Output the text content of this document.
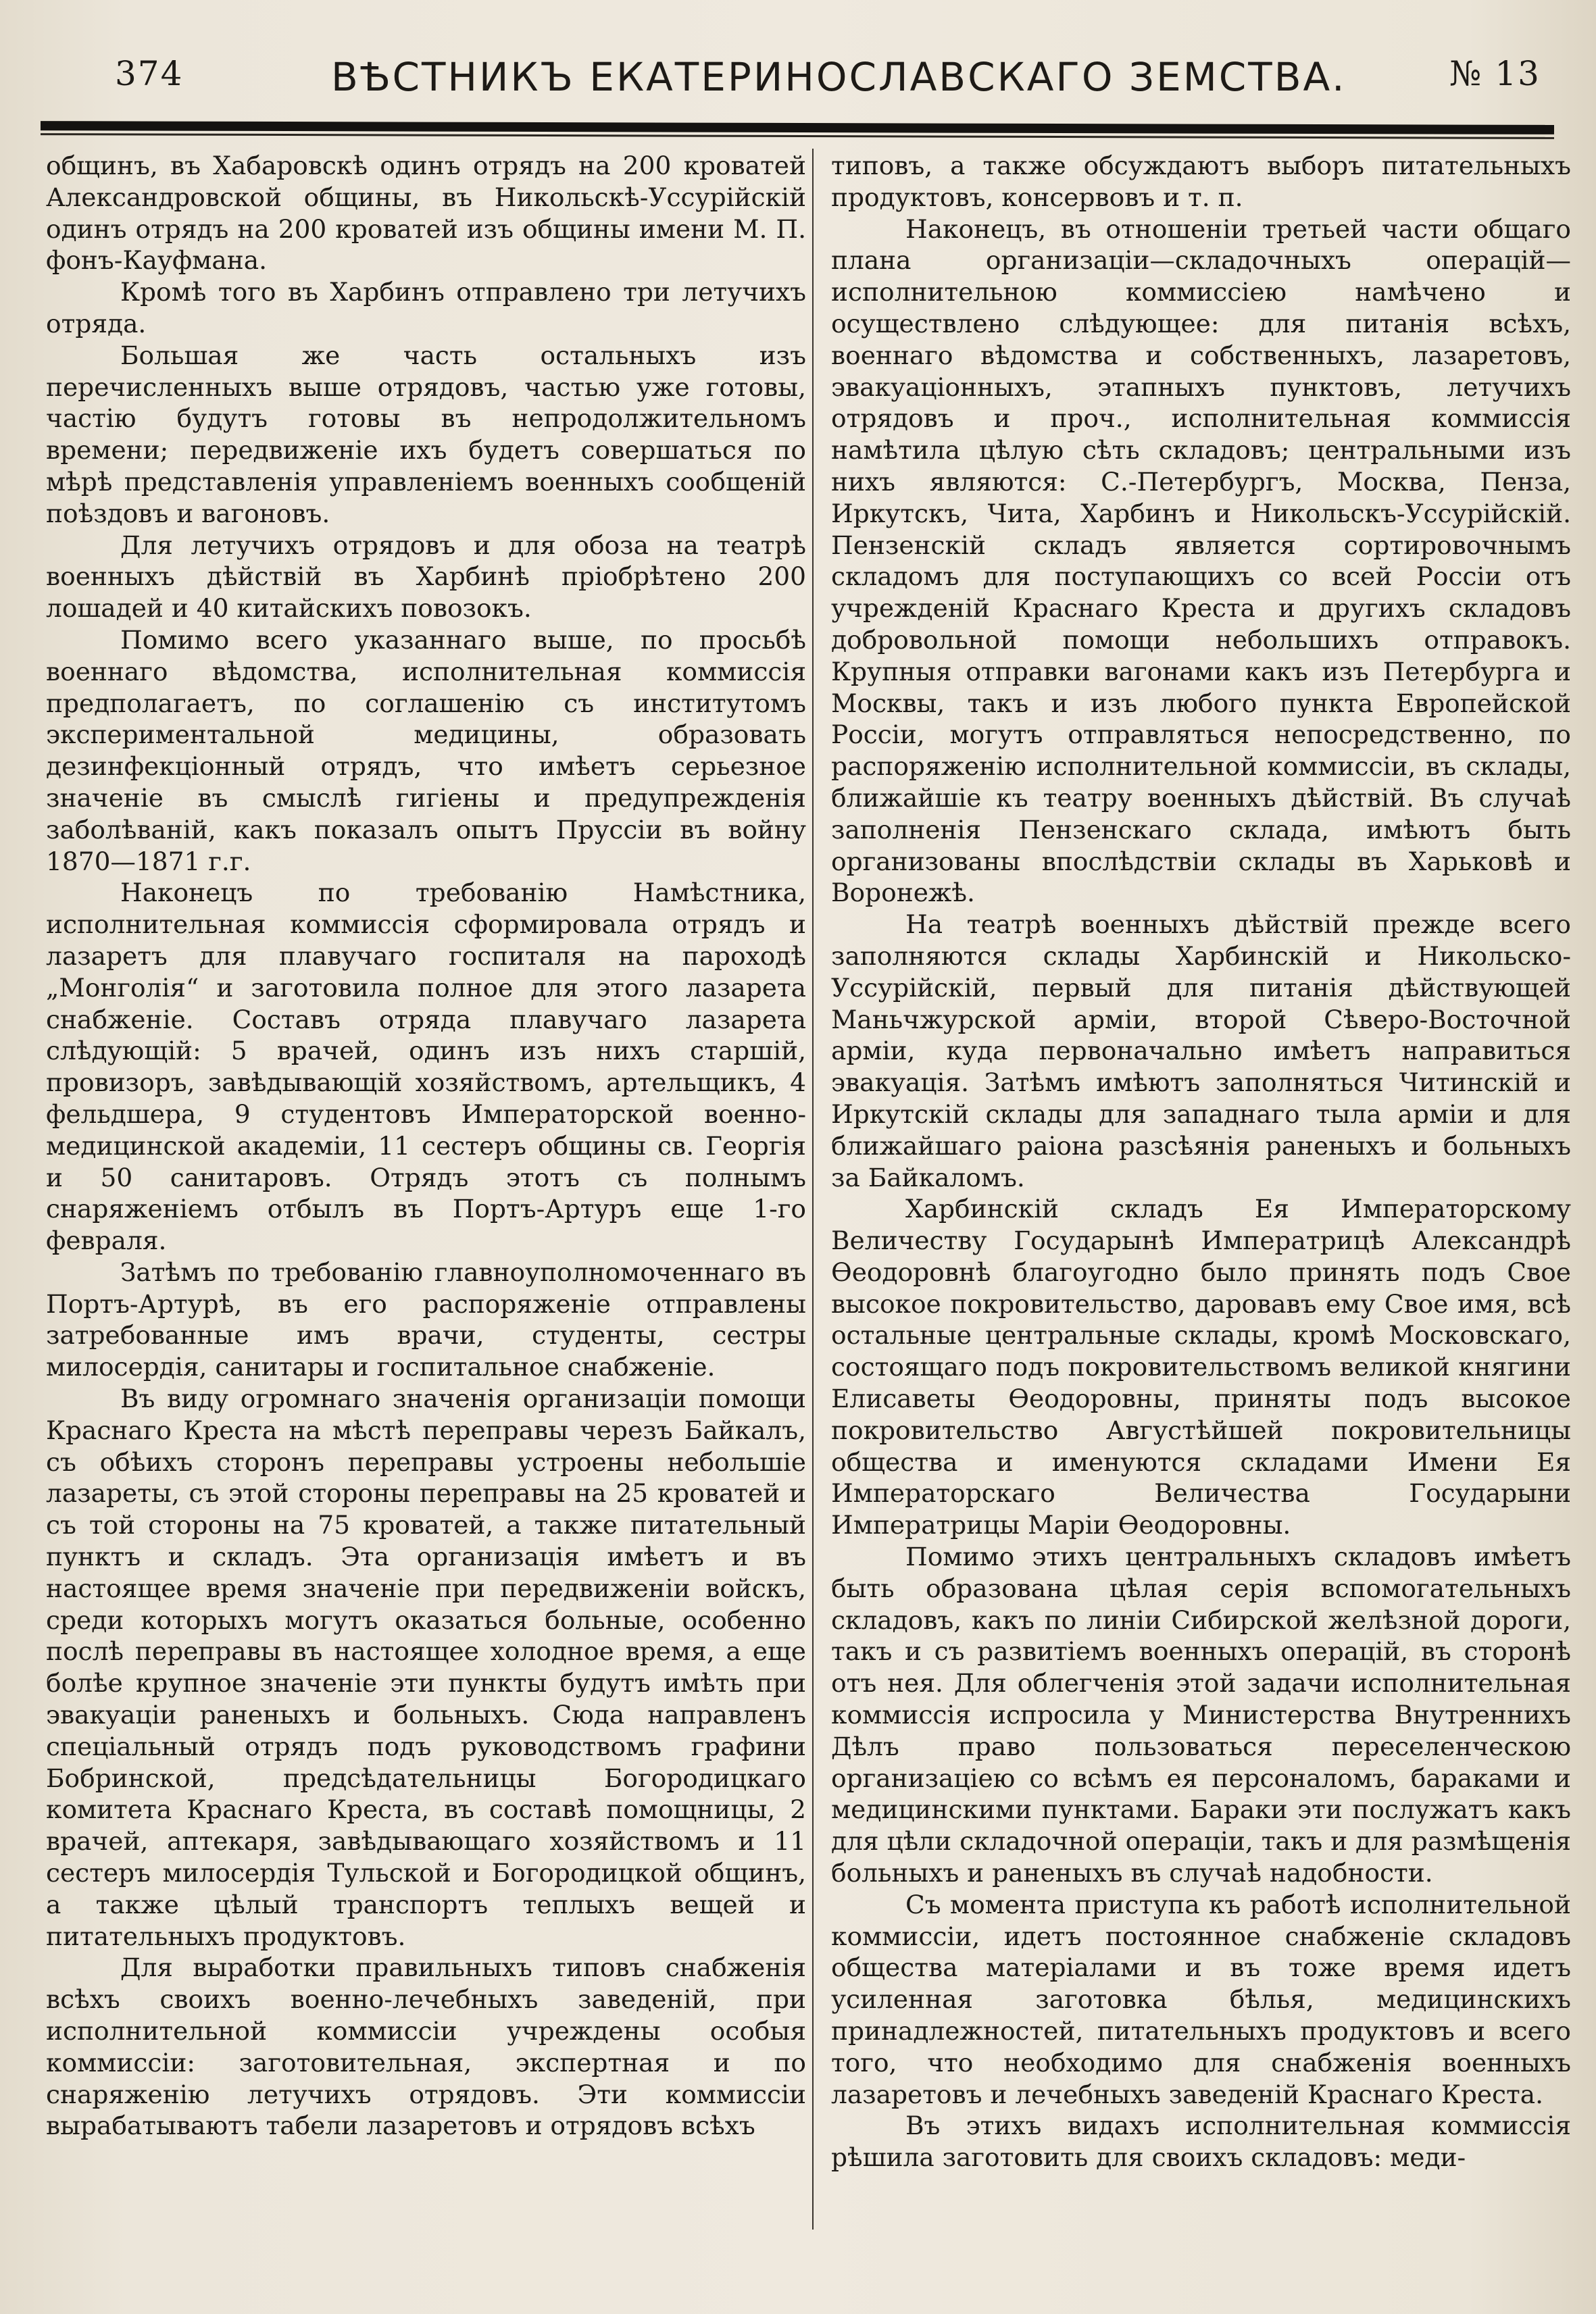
374	ВѢСТНИКЪ ЕКАТЕРИНОСЛАВСКАГО ЗЕМСТВА.	№ 13

общинъ, въ Хабаровскѣ одинъ отрядъ на 200 кроватей Александровской общины, въ Никольскѣ-Уссурійскій одинъ отрядъ на 200 кроватей изъ общины имени М. П. фонъ-Кауфмана.

Кромѣ того въ Харбинъ отправлено три летучихъ отряда.

Большая же часть остальныхъ изъ перечисленныхъ выше отрядовъ, частью уже готовы, частію будутъ готовы въ непродолжительномъ времени; передвиженіе ихъ будетъ совершаться по мѣрѣ представленія управленіемъ военныхъ сообщеній поѣздовъ и вагоновъ.

Для летучихъ отрядовъ и для обоза на театрѣ военныхъ дѣйствій въ Харбинѣ пріобрѣтено 200 лошадей и 40 китайскихъ повозокъ.

Помимо всего указаннаго выше, по просьбѣ военнаго вѣдомства, исполнительная коммиссія предполагаетъ, по соглашенію съ институтомъ экспериментальной медицины, образовать дезинфекціонный отрядъ, что имѣетъ серьезное значеніе въ смыслѣ гигіены и предупрежденія заболѣваній, какъ показалъ опытъ Пруссіи въ войну 1870—1871 г.г.

Наконецъ по требованію Намѣстника, исполнительная коммиссія сформировала отрядъ и лазаретъ для плавучаго госпиталя на пароходѣ „Монголія“ и заготовила полное для этого лазарета снабженіе. Составъ отряда плавучаго лазарета слѣдующій: 5 врачей, одинъ изъ нихъ старшій, провизоръ, завѣдывающій хозяйствомъ, артельщикъ, 4 фельдшера, 9 студентовъ Императорской военно-медицинской академіи, 11 сестеръ общины св. Георгія и 50 санитаровъ. Отрядъ этотъ съ полнымъ снаряженіемъ отбылъ въ Портъ-Артуръ еще 1-го февраля.

Затѣмъ по требованію главноуполномоченнаго въ Портъ-Артурѣ, въ его распоряженіе отправлены затребованные имъ врачи, студенты, сестры милосердія, санитары и госпитальное снабженіе.

Въ виду огромнаго значенія организаціи помощи Краснаго Креста на мѣстѣ переправы черезъ Байкалъ, съ обѣихъ сторонъ переправы устроены небольшіе лазареты, съ этой стороны переправы на 25 кроватей и съ той стороны на 75 кроватей, а также питательный пунктъ и складъ. Эта организація имѣетъ и въ настоящее время значеніе при передвиженіи войскъ, среди которыхъ могутъ оказаться больные, особенно послѣ переправы въ настоящее холодное время, а еще болѣе крупное значеніе эти пункты будутъ имѣть при эвакуаціи раненыхъ и больныхъ. Сюда направленъ спеціальный отрядъ подъ руководствомъ графини Бобринской, предсѣдательницы Богородицкаго комитета Краснаго Креста, въ составѣ помощницы, 2 врачей, аптекаря, завѣдывающаго хозяйствомъ и 11 сестеръ милосердія Тульской и Богородицкой общинъ, а также цѣлый транспортъ теплыхъ вещей и питательныхъ продуктовъ.

Для выработки правильныхъ типовъ снабженія всѣхъ своихъ военно-лечебныхъ заведеній, при исполнительной коммиссіи учреждены особыя коммиссіи: заготовительная, экспертная и по снаряженію летучихъ отрядовъ. Эти коммиссіи вырабатываютъ табели лазаретовъ и отрядовъ всѣхъ

типовъ, а также обсуждаютъ выборъ питательныхъ продуктовъ, консервовъ и т. п.

Наконецъ, въ отношеніи третьей части общаго плана организаціи—складочныхъ операцій—исполнительною коммиссіею намѣчено и осуществлено слѣдующее: для питанія всѣхъ, военнаго вѣдомства и собственныхъ, лазаретовъ, эвакуаціонныхъ, этапныхъ пунктовъ, летучихъ отрядовъ и проч., исполнительная коммиссія намѣтила цѣлую сѣть складовъ; центральными изъ нихъ являются: С.-Петербургъ, Москва, Пенза, Иркутскъ, Чита, Харбинъ и Никольскъ-Уссурійскій. Пензенскій складъ является сортировочнымъ складомъ для поступающихъ со всей Россіи отъ учрежденій Краснаго Креста и другихъ складовъ добровольной помощи небольшихъ отправокъ. Крупныя отправки вагонами какъ изъ Петербурга и Москвы, такъ и изъ любого пункта Европейской Россіи, могутъ отправляться непосредственно, по распоряженію исполнительной коммиссіи, въ склады, ближайшіе къ театру военныхъ дѣйствій. Въ случаѣ заполненія Пензенскаго склада, имѣютъ быть организованы впослѣдствіи склады въ Харьковѣ и Воронежѣ.

На театрѣ военныхъ дѣйствій прежде всего заполняются склады Харбинскій и Никольско-Уссурійскій, первый для питанія дѣйствующей Маньчжурской арміи, второй Сѣверо-Восточной арміи, куда первоначально имѣетъ направиться эвакуація. Затѣмъ имѣютъ заполняться Читинскій и Иркутскій склады для западнаго тыла арміи и для ближайшаго раіона разсѣянія раненыхъ и больныхъ за Байкаломъ.

Харбинскій складъ Ея Императорскому Величеству Государынѣ Императрицѣ Александрѣ Ѳеодоровнѣ благоугодно было принять подъ Свое высокое покровительство, даровавъ ему Свое имя, всѣ остальные центральные склады, кромѣ Московскаго, состоящаго подъ покровительствомъ великой княгини Елисаветы Ѳеодоровны, приняты подъ высокое покровительство Августѣйшей покровительницы общества и именуются складами Имени Ея Императорскаго Величества Государыни Императрицы Маріи Ѳеодоровны.

Помимо этихъ центральныхъ складовъ имѣетъ быть образована цѣлая серія вспомогательныхъ складовъ, какъ по линіи Сибирской желѣзной дороги, такъ и съ развитіемъ военныхъ операцій, въ сторонѣ отъ нея. Для облегченія этой задачи исполнительная коммиссія испросила у Министерства Внутреннихъ Дѣлъ право пользоваться переселенческою организацiею со всѣмъ ея персоналомъ, бараками и медицинскими пунктами. Бараки эти послужатъ какъ для цѣли складочной операціи, такъ и для размѣщенія больныхъ и раненыхъ въ случаѣ надобности.

Съ момента приступа къ работѣ исполнительной коммиссіи, идетъ постоянное снабженіе складовъ общества матеріалами и въ тоже время идетъ усиленная заготовка бѣлья, медицинскихъ принадлежностей, питательныхъ продуктовъ и всего того, что необходимо для снабженія военныхъ лазаретовъ и лечебныхъ заведеній Краснаго Креста.

Въ этихъ видахъ исполнительная коммиссія рѣшила заготовить для своихъ складовъ: меди-
